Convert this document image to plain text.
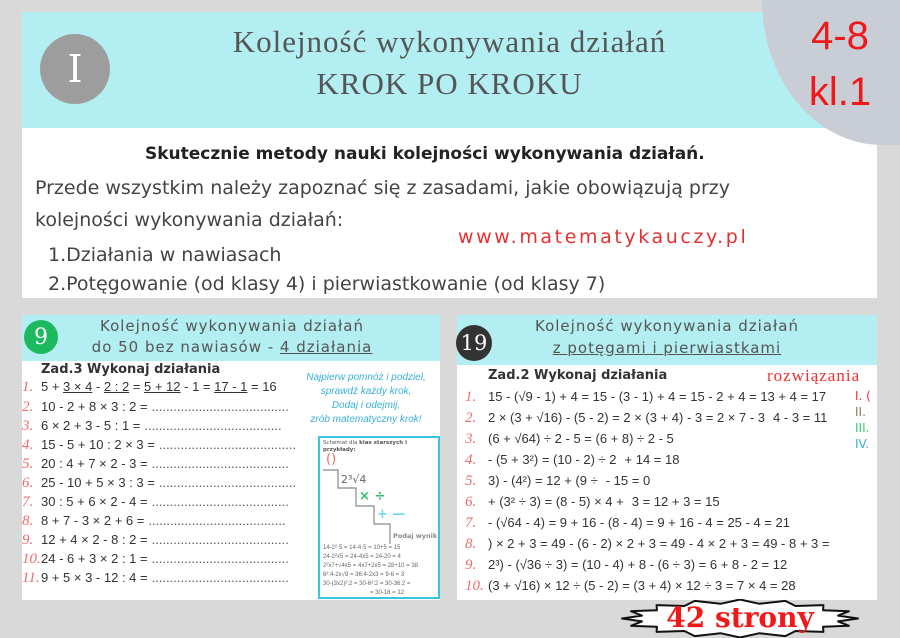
I
Kolejność wykonywania działań
KROK PO KROKU
Skutecznie metody nauki kolejności wykonywania działań.
Przede wszystkim należy zapoznać się z zasadami, jakie obowiązują przy
kolejności wykonywania działań:
www.matematykauczy.pl
1.Działania w nawiasach
2.Potęgowanie (od klasy 4) i pierwiastkowanie (od klasy 7)
4-8
kl.1
9	Kolejność wykonywania działań
do 50 bez nawiasów - 4 działania
Zad.3 Wykonaj działania
Najpierw pomnóż i podziel,
sprawdź każdy krok,
Dodaj i odejmij,
zrób matematyczny krok!
1. 5 + 3 × 4 - 2 : 2 = 5 + 12 - 1 = 17 - 1 = 16
2. 10 - 2 + 8 × 3 : 2 = ......................................
3. 6 × 2 + 3 - 5 : 1 = ......................................
4. 15 - 5 + 10 : 2 × 3 = ......................................
5. 20 : 4 + 7 × 2 - 3 = ......................................
6. 25 - 10 + 5 × 3 : 3 = ......................................
7. 30 : 5 + 6 × 2 - 4 = ......................................
8. 8 + 7 - 3 × 2 + 6 = ......................................
9. 12 + 4 × 2 - 8 : 2 = ......................................
10. 24 - 6 + 3 × 2 : 1 = ......................................
11. 9 + 5 × 3 - 12 : 4 = ......................................
19
Kolejność wykonywania działań
z potęgami i pierwiastkami
Zad.2 Wykonaj działania	rozwiązania
I. (
II.
III.
IV.
1. 15 - (√9 - 1) + 4 = 15 - (3 - 1) + 4 = 15 - 2 + 4 = 13 + 4 = 17
2. 2 × (3 + √16) - (5 - 2) = 2 × (3 + 4) - 3 = 2 × 7 - 3 4 - 3 = 11
3. (6 + √64) ÷ 2 - 5 = (6 + 8) ÷ 2 - 5
4. - (5 + 3²) = (10 - 2) ÷ 2 + 14 = 18
5. 3) - (4²) = 12 + (9 ÷ - 15 = 0
6. + (3² ÷ 3) = (8 - 5) × 4 + 3 = 12 + 3 = 15
7. - (√64 - 4) = 9 + 16 - (8 - 4) = 9 + 16 - 4 = 25 - 4 = 21
8. ) × 2 + 3 = 49 - (6 - 2) × 2 + 3 = 49 - 4 × 2 + 3 = 49 - 8 + 3 =
9. 2³) - (√36 ÷ 3) = (10 - 4) + 8 - (6 ÷ 3) = 6 + 8 - 2 = 12
10. (3 + √16) × 12 ÷ (5 - 2) = (3 + 4) × 12 ÷ 3 = 7 × 4 = 28
Schemat dla klas starszych i przykłady:
()
2³√4
× ÷
+ —
Podaj wynik
14-2²·5 = 14-4·5 = 10+5 = 15
24-2²x5 = 24-4x5 = 24-20 = 4
2²x7+√4x5 = 4x7+2x5 = 28+10 = 38
6²:4-2x√9 = 36:4-2x3 = 9-6 = 3
30-(3x2)²:2 = 30-6²:2 = 30-36:2 =
= 30-18 = 12
42 strony
